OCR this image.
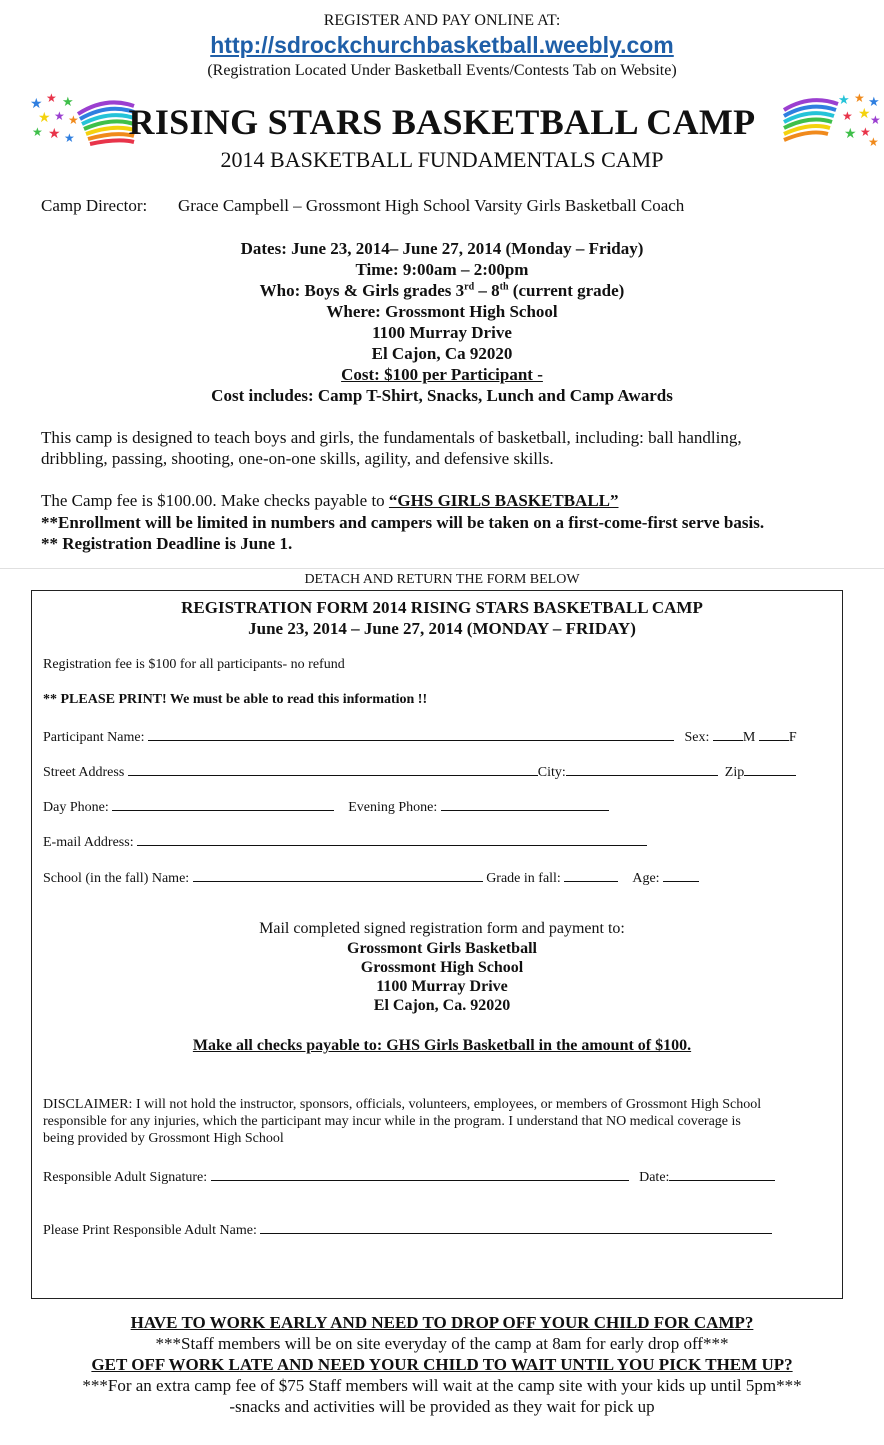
REGISTER AND PAY ONLINE AT:
http://sdrockchurchbasketball.weebly.com
(Registration Located Under Basketball Events/Contests Tab on Website)
★ ★ ★
★ ★ ★
★ ★ ★
★ ★ ★
★ ★ ★
★ ★
★
RISING STARS BASKETBALL CAMP
2014 BASKETBALL FUNDAMENTALS CAMP
Camp Director: Grace Campbell – Grossmont High School Varsity Girls Basketball Coach
Dates: June 23, 2014– June 27, 2014 (Monday – Friday)
Time: 9:00am – 2:00pm
Who: Boys & Girls grades 3rd – 8th (current grade)
Where: Grossmont High School
1100 Murray Drive
El Cajon, Ca 92020
Cost: $100 per Participant -
Cost includes: Camp T-Shirt, Snacks, Lunch and Camp Awards
This camp is designed to teach boys and girls, the fundamentals of basketball, including: ball handling,
dribbling, passing, shooting, one-on-one skills, agility, and defensive skills.
The Camp fee is $100.00. Make checks payable to “GHS GIRLS BASKETBALL”
**Enrollment will be limited in numbers and campers will be taken on a first-come-first serve basis.
** Registration Deadline is June 1.
DETACH AND RETURN THE FORM BELOW
REGISTRATION FORM 2014 RISING STARS BASKETBALL CAMP
June 23, 2014 – June 27, 2014 (MONDAY – FRIDAY)
Registration fee is $100 for all participants- no refund
** PLEASE PRINT! We must be able to read this information !!
Participant Name:	Sex: M F
Street Address	City:	Zip
Day Phone:	Evening Phone:
E-mail Address:
School (in the fall) Name:	Grade in fall:	Age:
Mail completed signed registration form and payment to:
Grossmont Girls Basketball
Grossmont High School
1100 Murray Drive
El Cajon, Ca. 92020
Make all checks payable to: GHS Girls Basketball in the amount of $100.
DISCLAIMER: I will not hold the instructor, sponsors, officials, volunteers, employees, or members of Grossmont High School
responsible for any injuries, which the participant may incur while in the program. I understand that NO medical coverage is
being provided by Grossmont High School
Responsible Adult Signature:	Date:
Please Print Responsible Adult Name:
HAVE TO WORK EARLY AND NEED TO DROP OFF YOUR CHILD FOR CAMP?
***Staff members will be on site everyday of the camp at 8am for early drop off***
GET OFF WORK LATE AND NEED YOUR CHILD TO WAIT UNTIL YOU PICK THEM UP?
***For an extra camp fee of $75 Staff members will wait at the camp site with your kids up until 5pm***
-snacks and activities will be provided as they wait for pick up
